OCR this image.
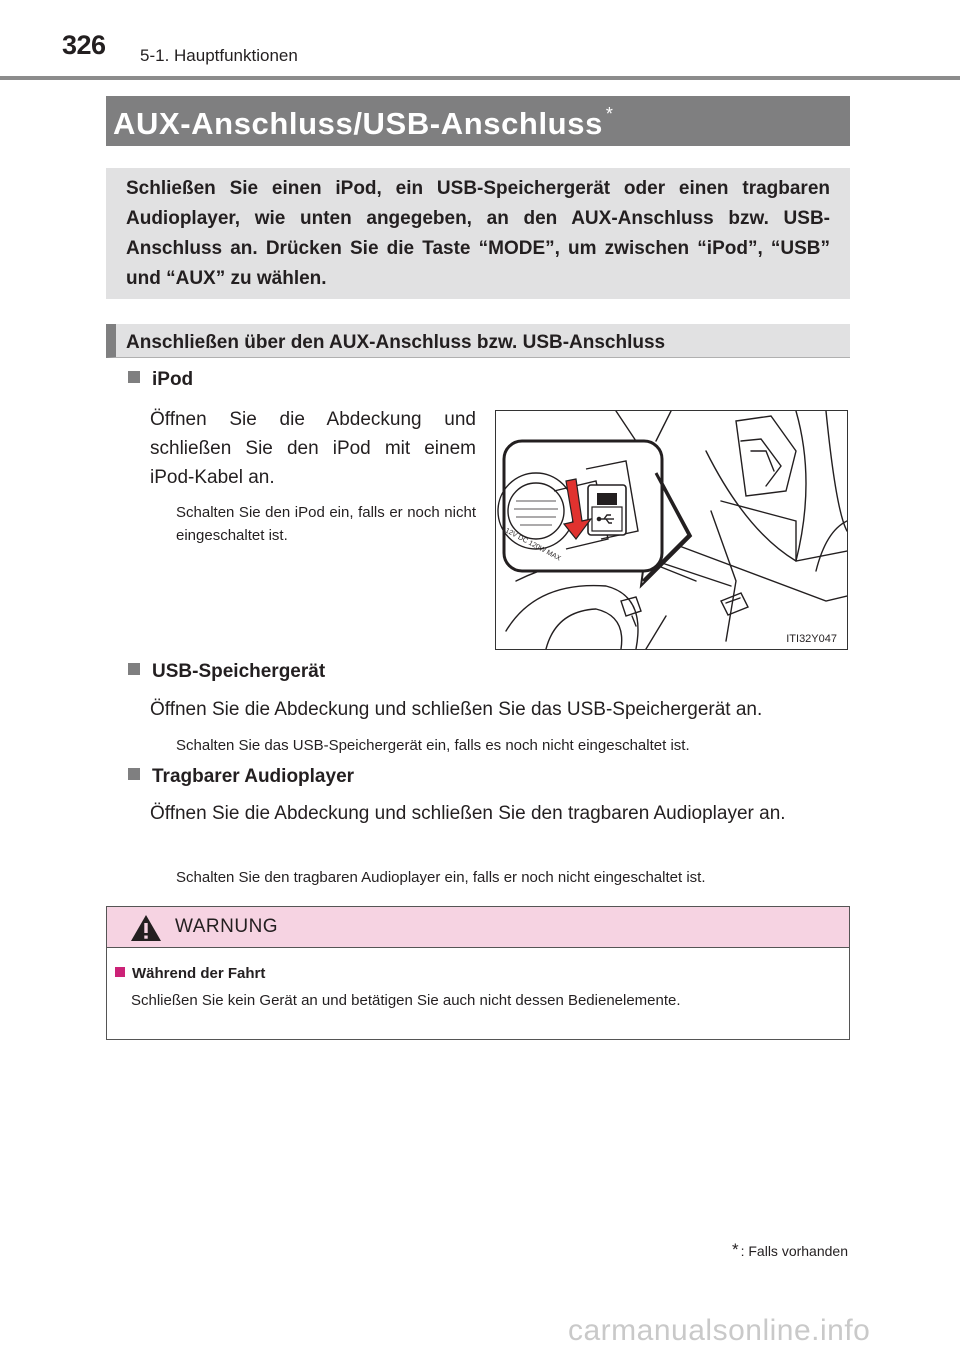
326 5-1. Hauptfunktionen
AUX-Anschluss/USB-Anschluss *
Schließen Sie einen iPod, ein USB-Speichergerät oder einen tragbaren Audioplayer, wie unten angegeben, an den AUX-Anschluss bzw. USB-Anschluss an. Drücken Sie die Taste “MODE”, um zwischen “iPod”, “USB” und “AUX” zu wählen.
Anschließen über den AUX-Anschluss bzw. USB-Anschluss
iPod
Öffnen Sie die Abdeckung und schließen Sie den iPod mit einem iPod-Kabel an.
Schalten Sie den iPod ein, falls er noch nicht eingeschaltet ist.	12V DC 120W MAX
ITI32Y047
USB-Speichergerät
Öffnen Sie die Abdeckung und schließen Sie das USB-Speichergerät an.
Schalten Sie das USB-Speichergerät ein, falls es noch nicht eingeschaltet ist.
Tragbarer Audioplayer
Öffnen Sie die Abdeckung und schließen Sie den tragbaren Audioplayer an.
Schalten Sie den tragbaren Audioplayer ein, falls er noch nicht eingeschaltet ist.
WARNUNG
Während der Fahrt
Schließen Sie kein Gerät an und betätigen Sie auch nicht dessen Bedienelemente.
* : Falls vorhanden
carmanualsonline.info
